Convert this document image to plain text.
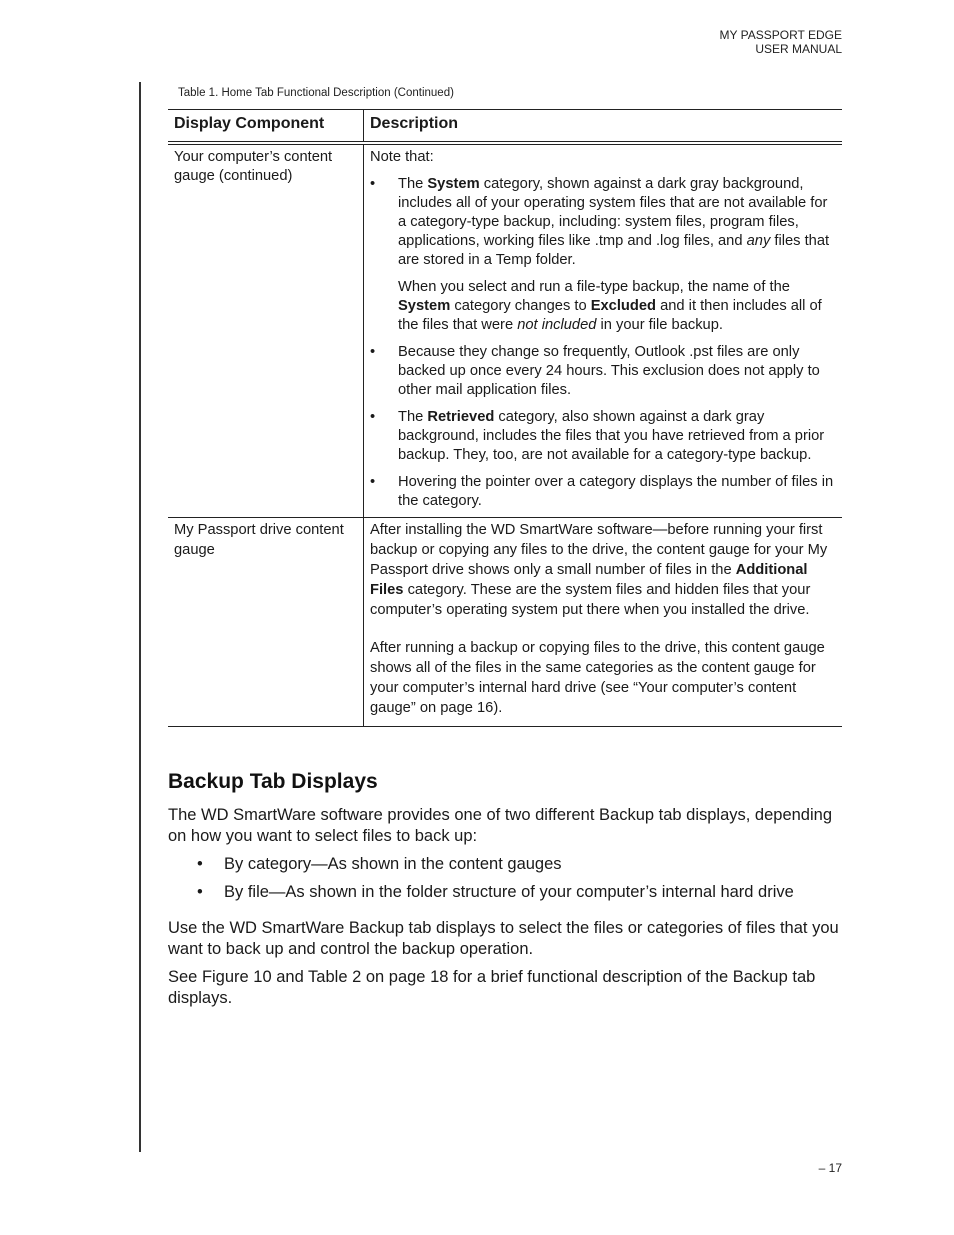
MY PASSPORT EDGE
USER MANUAL
Table 1. Home Tab Functional Description (Continued)
Display Component	Description
Your computer’s content gauge (continued)
Note that:
• The System category, shown against a dark gray background, includes all of your operating system files that are not available for a category-type backup, including: system files, program files, applications, working files like .tmp and .log files, and any files that are stored in a Temp folder.
When you select and run a file-type backup, the name of the System category changes to Excluded and it then includes all of the files that were not included in your file backup.
• Because they change so frequently, Outlook .pst files are only backed up once every 24 hours. This exclusion does not apply to other mail application files.
• The Retrieved category, also shown against a dark gray background, includes the files that you have retrieved from a prior backup. They, too, are not available for a category-type backup.
• Hovering the pointer over a category displays the number of files in the category.
My Passport drive content gauge
After installing the WD SmartWare software—before running your first backup or copying any files to the drive, the content gauge for your My Passport drive shows only a small number of files in the Additional Files category. These are the system files and hidden files that your computer’s operating system put there when you installed the drive.
After running a backup or copying files to the drive, this content gauge shows all of the files in the same categories as the content gauge for your computer’s internal hard drive (see “Your computer’s content gauge” on page 16).
Backup Tab Displays
The WD SmartWare software provides one of two different Backup tab displays, depending on how you want to select files to back up:
• By category—As shown in the content gauges
• By file—As shown in the folder structure of your computer’s internal hard drive
Use the WD SmartWare Backup tab displays to select the files or categories of files that you want to back up and control the backup operation.
See Figure 10 and Table 2 on page 18 for a brief functional description of the Backup tab displays.
– 17
